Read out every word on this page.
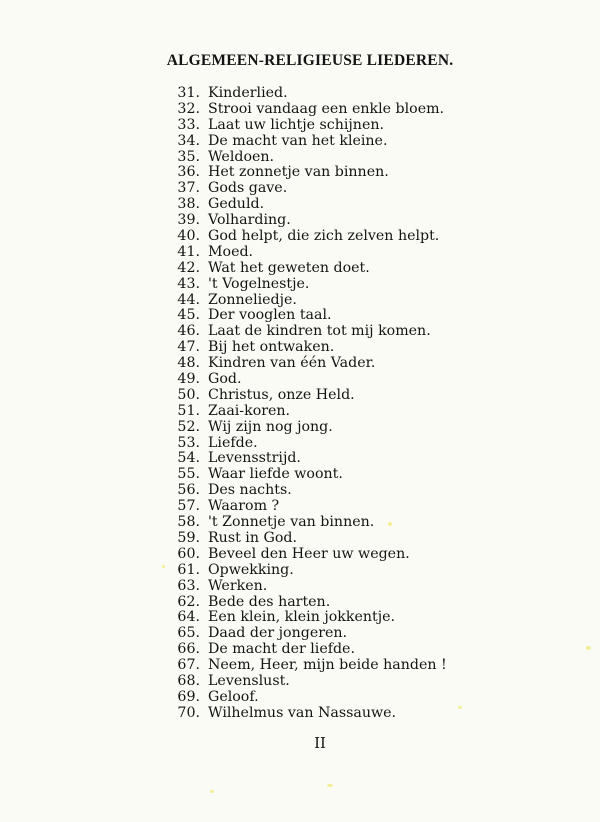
ALGEMEEN-RELIGIEUSE LIEDEREN.
31. Kinderlied.
32. Strooi vandaag een enkle bloem.
33. Laat uw lichtje schijnen.
34. De macht van het kleine.
35. Weldoen.
36. Het zonnetje van binnen.
37. Gods gave.
38. Geduld.
39. Volharding.
40. God helpt, die zich zelven helpt.
41. Moed.
42. Wat het geweten doet.
43. 't Vogelnestje.
44. Zonneliedje.
45. Der vooglen taal.
46. Laat de kindren tot mij komen.
47. Bij het ontwaken.
48. Kindren van één Vader.
49. God.
50. Christus, onze Held.
51. Zaai-koren.
52. Wij zijn nog jong.
53. Liefde.
54. Levensstrijd.
55. Waar liefde woont.
56. Des nachts.
57. Waarom ?
58. 't Zonnetje van binnen.
59. Rust in God.
60. Beveel den Heer uw wegen.
61. Opwekking.
63. Werken.
62. Bede des harten.
64. Een klein, klein jokkentje.
65. Daad der jongeren.
66. De macht der liefde.
67. Neem, Heer, mijn beide handen !
68. Levenslust.
69. Geloof.
70. Wilhelmus van Nassauwe.
II
